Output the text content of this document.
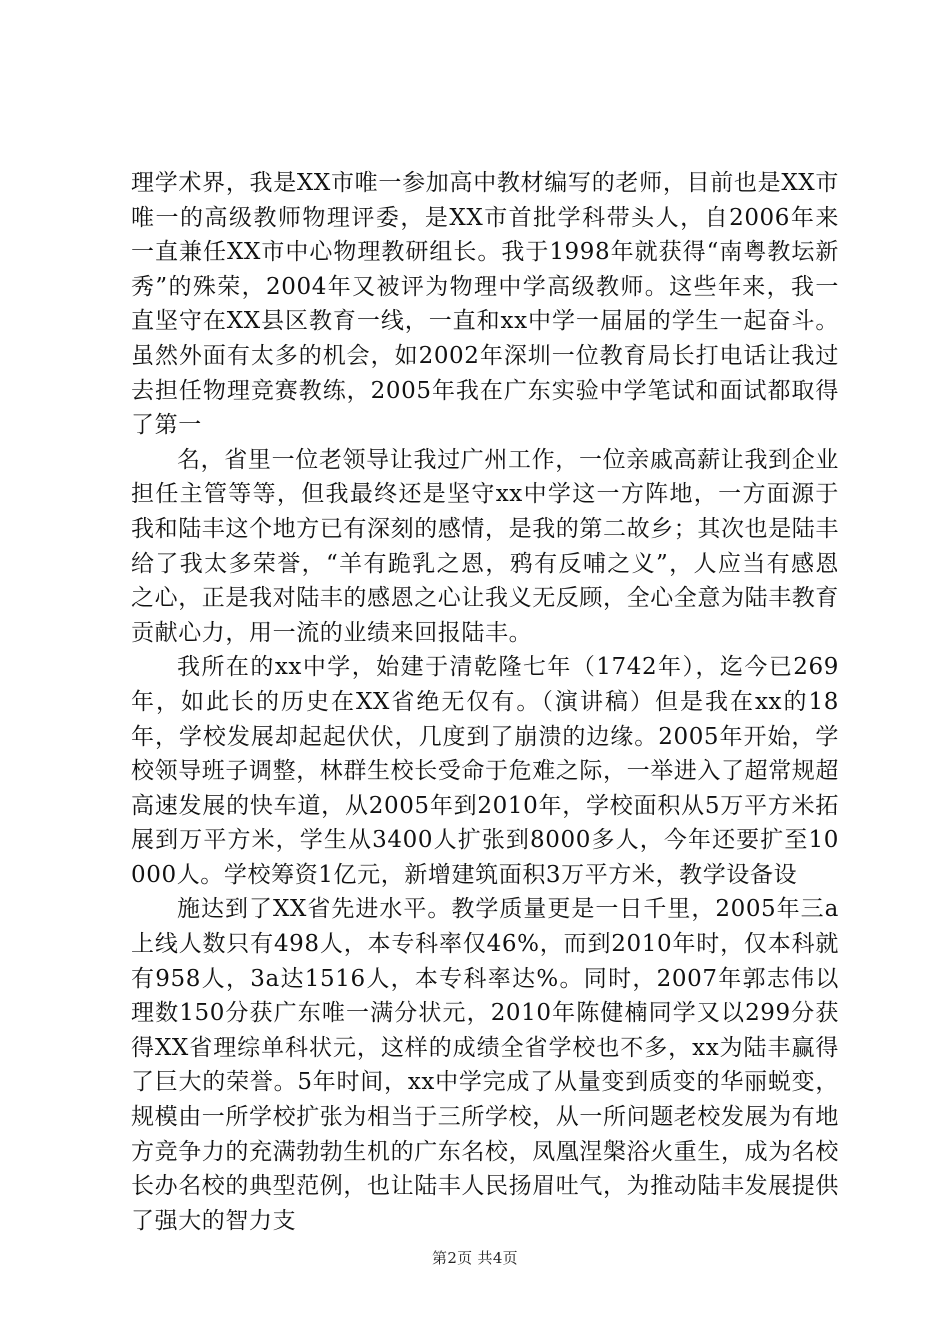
理学术界，我是XX市唯一参加高中教材编写的老师，目前也是XX市唯一的高级教师物理评委，是XX市首批学科带头人，自2006年来一直兼任XX市中心物理教研组长。我于1998年就获得“南粤教坛新秀”的殊荣，2004年又被评为物理中学高级教师。这些年来，我一直坚守在XX县区教育一线，一直和xx中学一届届的学生一起奋斗。虽然外面有太多的机会，如2002年深圳一位教育局长打电话让我过去担任物理竞赛教练，2005年我在广东实验中学笔试和面试都取得了第一

名，省里一位老领导让我过广州工作，一位亲戚高薪让我到企业担任主管等等，但我最终还是坚守xx中学这一方阵地，一方面源于我和陆丰这个地方已有深刻的感情，是我的第二故乡；其次也是陆丰给了我太多荣誉，“羊有跪乳之恩，鸦有反哺之义”，人应当有感恩之心，正是我对陆丰的感恩之心让我义无反顾，全心全意为陆丰教育贡献心力，用一流的业绩来回报陆丰。

我所在的xx中学，始建于清乾隆七年（1742年），迄今已269年，如此长的历史在XX省绝无仅有。（演讲稿）但是我在xx的18年，学校发展却起起伏伏，几度到了崩溃的边缘。2005年开始，学校领导班子调整，林群生校长受命于危难之际，一举进入了超常规超高速发展的快车道，从2005年到2010年，学校面积从5万平方米拓展到万平方米，学生从3400人扩张到8000多人，今年还要扩至10000人。学校筹资1亿元，新增建筑面积3万平方米，教学设备设

施达到了XX省先进水平。教学质量更是一日千里，2005年三a上线人数只有498人，本专科率仅46%，而到2010年时，仅本科就有958人，3a达1516人，本专科率达%。同时，2007年郭志伟以理数150分获广东唯一满分状元，2010年陈健楠同学又以299分获得XX省理综单科状元，这样的成绩全省学校也不多，xx为陆丰赢得了巨大的荣誉。5年时间，xx中学完成了从量变到质变的华丽蜕变，规模由一所学校扩张为相当于三所学校，从一所问题老校发展为有地方竞争力的充满勃勃生机的广东名校，凤凰涅槃浴火重生，成为名校长办名校的典型范例，也让陆丰人民扬眉吐气，为推动陆丰发展提供了强大的智力支

第2页 共4页
